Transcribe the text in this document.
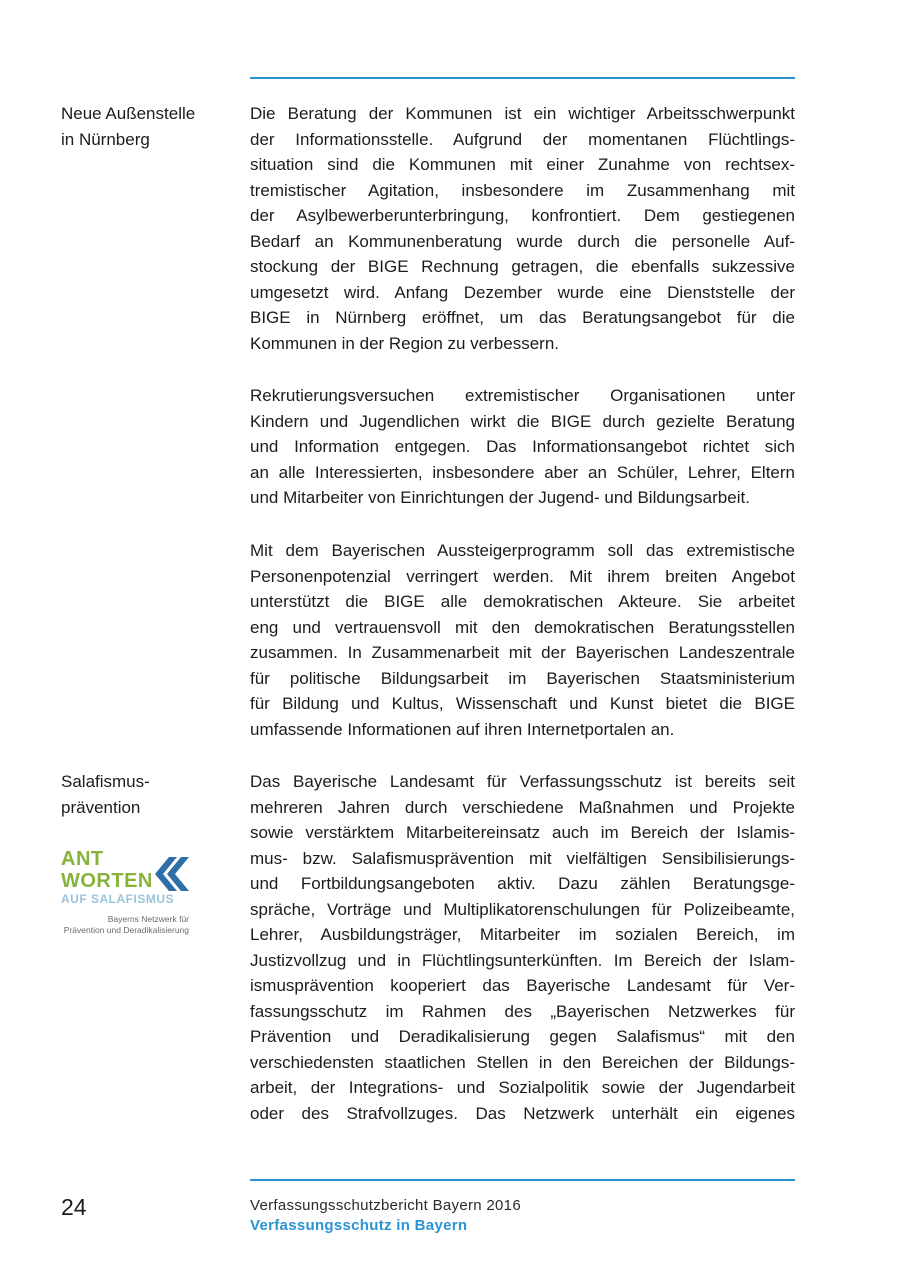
Neue Außenstelle
in Nürnberg
Die Beratung der Kommunen ist ein wichtiger Arbeitsschwerpunkt
der Informationsstelle. Aufgrund der momentanen Flüchtlings-
situation sind die Kommunen mit einer Zunahme von rechtsex-
tremistischer Agitation, insbesondere im Zusammenhang mit
der Asylbewerberunterbringung, konfrontiert. Dem gestiegenen
Bedarf an Kommunenberatung wurde durch die personelle Auf-
stockung der BIGE Rechnung getragen, die ebenfalls sukzessive
umgesetzt wird. Anfang Dezember wurde eine Dienststelle der
BIGE in Nürnberg eröffnet, um das Beratungsangebot für die
Kommunen in der Region zu verbessern.
Rekrutierungsversuchen extremistischer Organisationen unter
Kindern und Jugendlichen wirkt die BIGE durch gezielte Beratung
und Information entgegen. Das Informationsangebot richtet sich
an alle Interessierten, insbesondere aber an Schüler, Lehrer, Eltern
und Mitarbeiter von Einrichtungen der Jugend- und Bildungsarbeit.
Mit dem Bayerischen Aussteigerprogramm soll das extremistische
Personenpotenzial verringert werden. Mit ihrem breiten Angebot
unterstützt die BIGE alle demokratischen Akteure. Sie arbeitet
eng und vertrauensvoll mit den demokratischen Beratungsstellen
zusammen. In Zusammenarbeit mit der Bayerischen Landeszentrale
für politische Bildungsarbeit im Bayerischen Staatsministerium
für Bildung und Kultus, Wissenschaft und Kunst bietet die BIGE
umfassende Informationen auf ihren Internetportalen an.
Salafismus-
prävention
ANT
WORTEN
AUF SALAFISMUS
Bayerns Netzwerk für
Prävention und Deradikalisierung
Das Bayerische Landesamt für Verfassungsschutz ist bereits seit
mehreren Jahren durch verschiedene Maßnahmen und Projekte
sowie verstärktem Mitarbeitereinsatz auch im Bereich der Islamis-
mus- bzw. Salafismusprävention mit vielfältigen Sensibilisierungs-
und Fortbildungsangeboten aktiv. Dazu zählen Beratungsge-
spräche, Vorträge und Multiplikatorenschulungen für Polizeibeamte,
Lehrer, Ausbildungsträger, Mitarbeiter im sozialen Bereich, im
Justizvollzug und in Flüchtlingsunterkünften. Im Bereich der Islam-
ismusprävention kooperiert das Bayerische Landesamt für Ver-
fassungsschutz im Rahmen des „Bayerischen Netzwerkes für
Prävention und Deradikalisierung gegen Salafismus“ mit den
verschiedensten staatlichen Stellen in den Bereichen der Bildungs-
arbeit, der Integrations- und Sozialpolitik sowie der Jugendarbeit
oder des Strafvollzuges. Das Netzwerk unterhält ein eigenes
24	Verfassungsschutzbericht Bayern 2016
Verfassungsschutz in Bayern
